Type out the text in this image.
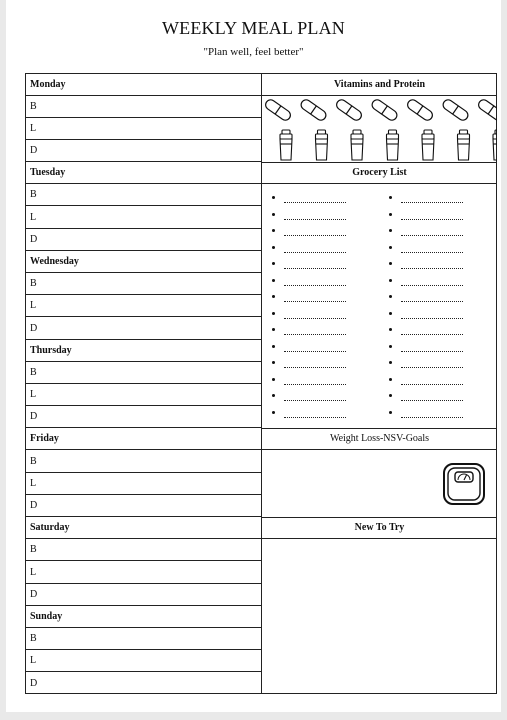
WEEKLY MEAL PLAN
"Plan well, feel better"
Monday
B
L
D
Tuesday
B
L
D
Wednesday
B
L
D
Thursday
B
L
D
Friday
B
L
D
Saturday
B
L
D
Sunday
B
L
D
Vitamins and Protein
Grocery List
Weight Loss-NSV-Goals
New To Try
